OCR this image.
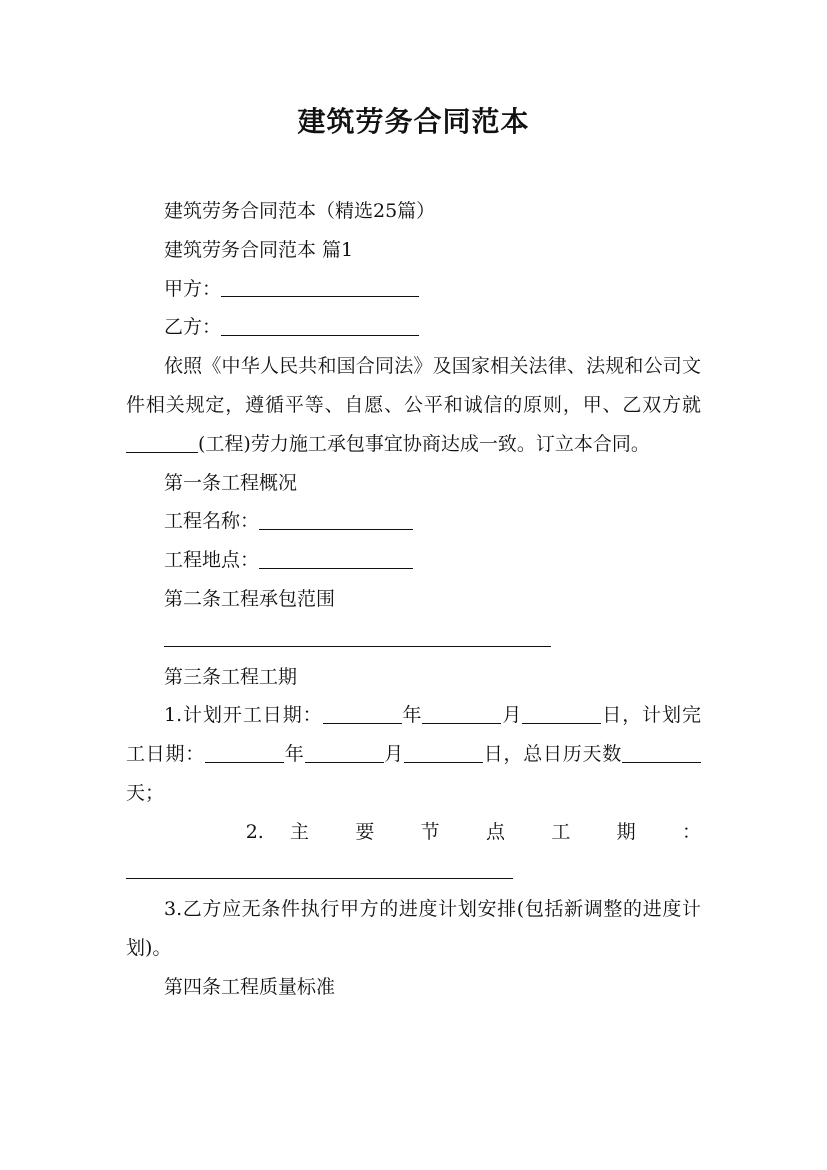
建筑劳务合同范本

建筑劳务合同范本（精选25篇）

建筑劳务合同范本 篇1

甲方：

乙方：

依照《中华人民共和国合同法》及国家相关法律、法规和公司文件相关规定，遵循平等、自愿、公平和诚信的原则，甲、乙双方就(工程)劳力施工承包事宜协商达成一致。订立本合同。

第一条工程概况

工程名称：

工程地点：

第二条工程承包范围

第三条工程工期

1.计划开工日期：	年	月	日，计划完工日期：	年	月	日，总日历天数天；

2. 主 要 节 点 工 期 ：

3.乙方应无条件执行甲方的进度计划安排(包括新调整的进度计划)。

第四条工程质量标准
